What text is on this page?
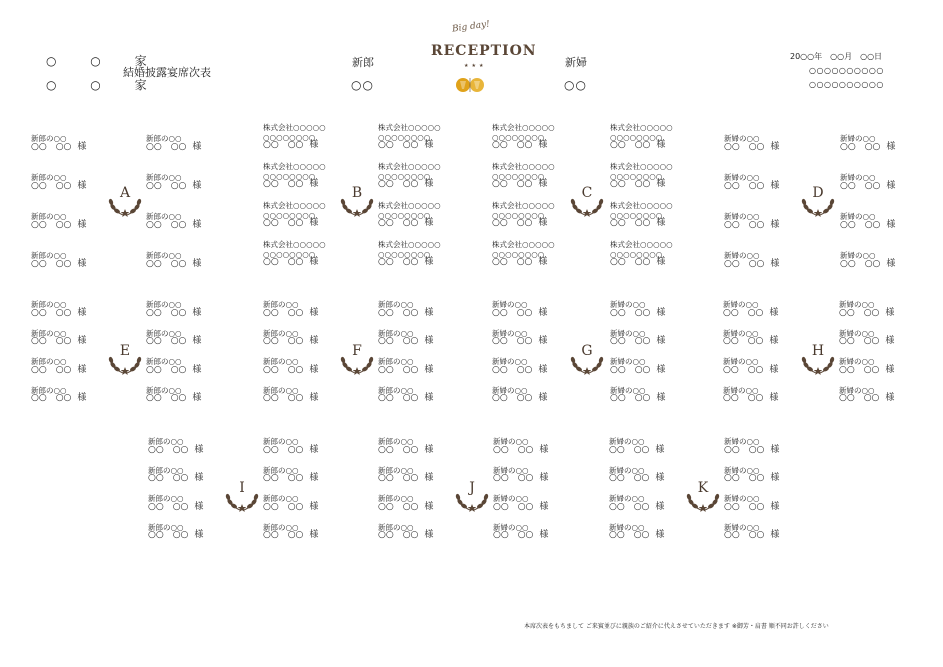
○ ○ 家
○ ○ 家
結婚披露宴席次表
新郎
○○
新婦
○○
20○○年　○○月　○○日
○○○○○○○○○○
○○○○○○○○○○
Big day!
RECEPTION
★★★
A
新郎の○○
○○　○○ 様
新郎の○○
○○　○○ 様
新郎の○○
○○　○○ 様
新郎の○○
○○　○○ 様
新郎の○○
○○　○○ 様
新郎の○○
○○　○○ 様
新郎の○○
○○　○○ 様
新郎の○○
○○　○○ 様
B
株式会社○○○○○
○○○○○○○○
○○　○○ 様
株式会社○○○○○
○○○○○○○○
○○　○○ 様
株式会社○○○○○
○○○○○○○○
○○　○○ 様
株式会社○○○○○
○○○○○○○○
○○　○○ 様
株式会社○○○○○
○○○○○○○○
○○　○○ 様
株式会社○○○○○
○○○○○○○○
○○　○○ 様
株式会社○○○○○
○○○○○○○○
○○　○○ 様
株式会社○○○○○
○○○○○○○○
○○　○○ 様
C
株式会社○○○○○
○○○○○○○○
○○　○○ 様
株式会社○○○○○
○○○○○○○○
○○　○○ 様
株式会社○○○○○
○○○○○○○○
○○　○○ 様
株式会社○○○○○
○○○○○○○○
○○　○○ 様
株式会社○○○○○
○○○○○○○○
○○　○○ 様
株式会社○○○○○
○○○○○○○○
○○　○○ 様
株式会社○○○○○
○○○○○○○○
○○　○○ 様
株式会社○○○○○
○○○○○○○○
○○　○○ 様
D
新婦の○○
○○　○○ 様
新婦の○○
○○　○○ 様
新婦の○○
○○　○○ 様
新婦の○○
○○　○○ 様
新婦の○○
○○　○○ 様
新婦の○○
○○　○○ 様
新婦の○○
○○　○○ 様
新婦の○○
○○　○○ 様
E
新郎の○○
○○　○○ 様
新郎の○○
○○　○○ 様
新郎の○○
○○　○○ 様
新郎の○○
○○　○○ 様
新郎の○○
○○　○○ 様
新郎の○○
○○　○○ 様
新郎の○○
○○　○○ 様
新郎の○○
○○　○○ 様
F
新郎の○○
○○　○○ 様
新郎の○○
○○　○○ 様
新郎の○○
○○　○○ 様
新郎の○○
○○　○○ 様
新郎の○○
○○　○○ 様
新郎の○○
○○　○○ 様
新郎の○○
○○　○○ 様
新郎の○○
○○　○○ 様
G
新婦の○○
○○　○○ 様
新婦の○○
○○　○○ 様
新婦の○○
○○　○○ 様
新婦の○○
○○　○○ 様
新婦の○○
○○　○○ 様
新婦の○○
○○　○○ 様
新婦の○○
○○　○○ 様
新婦の○○
○○　○○ 様
H
新婦の○○
○○　○○ 様
新婦の○○
○○　○○ 様
新婦の○○
○○　○○ 様
新婦の○○
○○　○○ 様
新婦の○○
○○　○○ 様
新婦の○○
○○　○○ 様
新婦の○○
○○　○○ 様
新婦の○○
○○　○○ 様
I
新郎の○○
○○　○○ 様
新郎の○○
○○　○○ 様
新郎の○○
○○　○○ 様
新郎の○○
○○　○○ 様
新郎の○○
○○　○○ 様
新郎の○○
○○　○○ 様
新郎の○○
○○　○○ 様
新郎の○○
○○　○○ 様
J
新郎の○○
○○　○○ 様
新婦の○○
○○　○○ 様
新郎の○○
○○　○○ 様
新婦の○○
○○　○○ 様
新郎の○○
○○　○○ 様
新婦の○○
○○　○○ 様
新郎の○○
○○　○○ 様
新婦の○○
○○　○○ 様
K
新婦の○○
○○　○○ 様
新婦の○○
○○　○○ 様
新婦の○○
○○　○○ 様
新婦の○○
○○　○○ 様
新婦の○○
○○　○○ 様
新婦の○○
○○　○○ 様
新婦の○○
○○　○○ 様
新婦の○○
○○　○○ 様
本席次表をもちまして ご来賓並びに親族のご紹介に代えさせていただきます ※御芳・肩書 順不同お許しください
